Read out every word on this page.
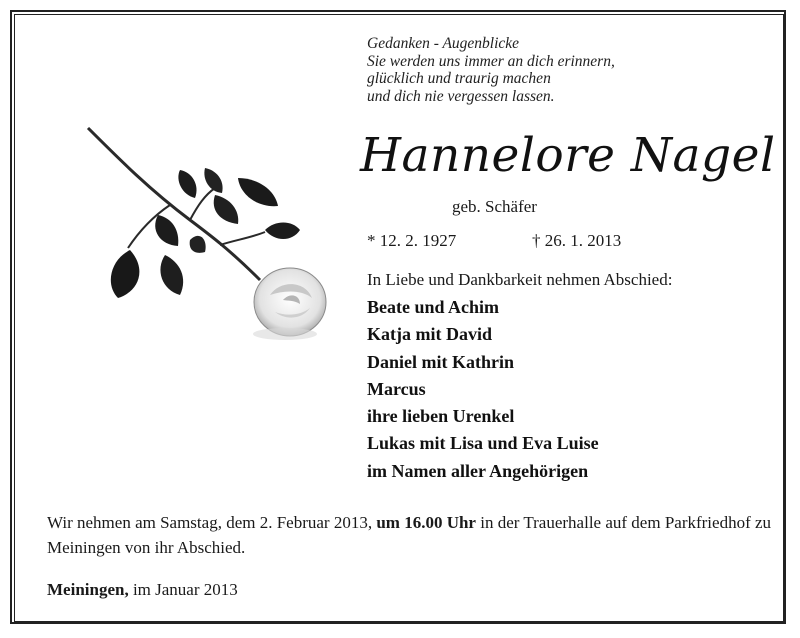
Gedanken - Augenblicke
Sie werden uns immer an dich erinnern,
glücklich und traurig machen
und dich nie vergessen lassen.
Hannelore Nagel
geb. Schäfer
* 12. 2. 1927	† 26. 1. 2013
In Liebe und Dankbarkeit nehmen Abschied:
Beate und Achim
Katja mit David
Daniel mit Kathrin
Marcus
ihre lieben Urenkel
Lukas mit Lisa und Eva Luise
im Namen aller Angehörigen
Wir nehmen am Samstag, dem 2. Februar 2013, um 16.00 Uhr in der Trauerhalle auf dem Parkfriedhof zu Meiningen von ihr Abschied.
Meiningen, im Januar 2013
